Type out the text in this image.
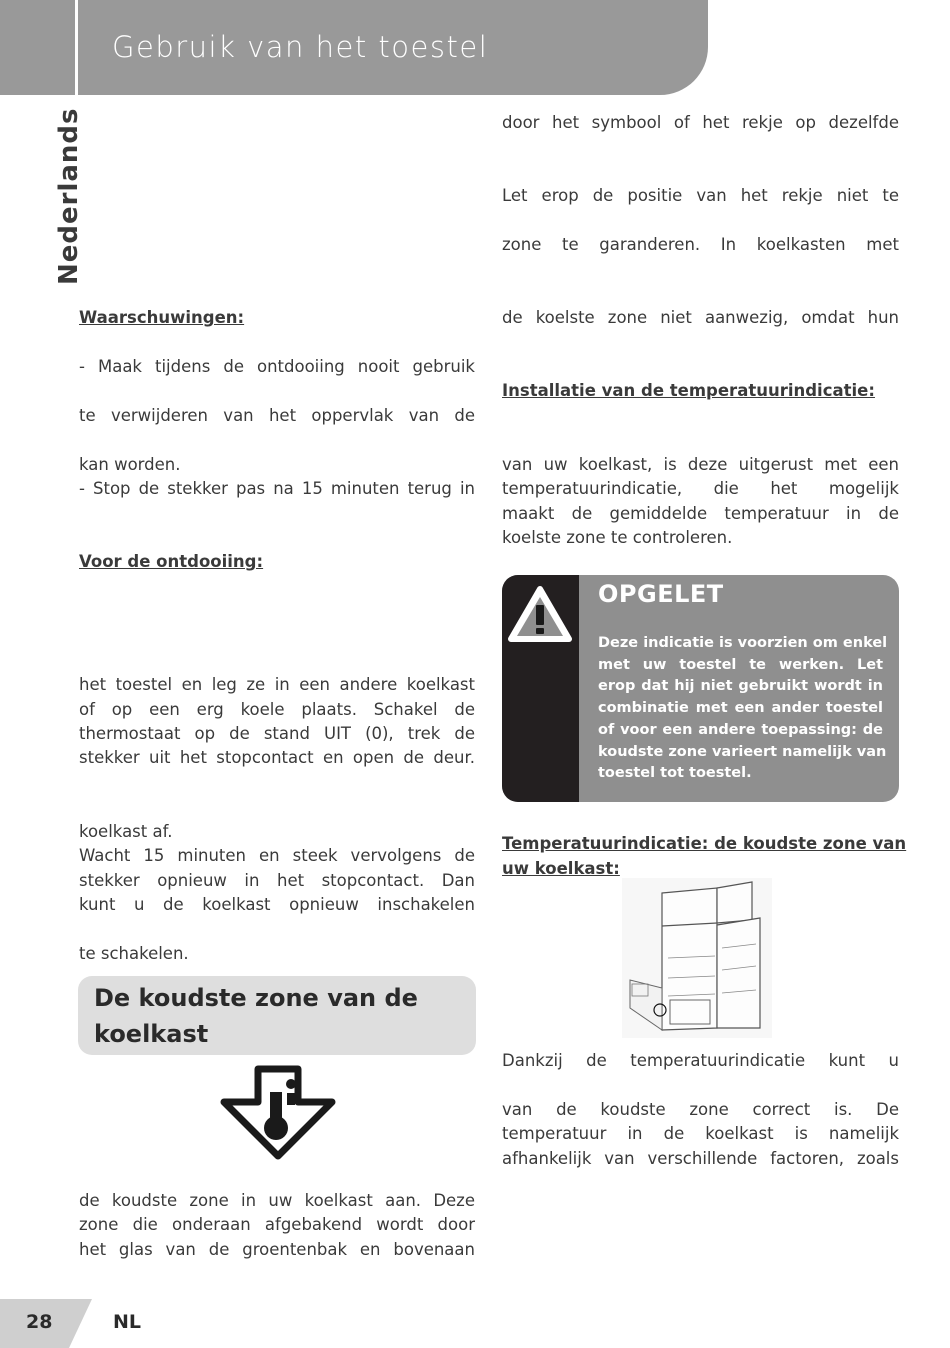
Gebruik van het toestel
Nederlands
Waarschuwingen:
- Maak tijdens de ontdooiing nooit gebruik
te verwijderen van het oppervlak van de
kan worden.
- Stop de stekker pas na 15 minuten terug in
Voor de ontdooiing:
het toestel en leg ze in een andere koelkast
of op een erg koele plaats. Schakel de
thermostaat op de stand UIT (0), trek de
stekker uit het stopcontact en open de deur.
koelkast af.
Wacht 15 minuten en steek vervolgens de
stekker opnieuw in het stopcontact. Dan
kunt u de koelkast opnieuw inschakelen
te schakelen.
De koudste zone van de
koelkast
de koudste zone in uw koelkast aan. Deze
zone die onderaan afgebakend wordt door
het glas van de groentenbak en bovenaan
door het symbool of het rekje op dezelfde
Let erop de positie van het rekje niet te
zone te garanderen. In koelkasten met
de koelste zone niet aanwezig, omdat hun
Installatie van de temperatuurindicatie:
van uw koelkast, is deze uitgerust met een
temperatuurindicatie, die het mogelijk
maakt de gemiddelde temperatuur in de
koelste zone te controleren.
OPGELET
Deze indicatie is voorzien om enkel
met uw toestel te werken. Let
erop dat hij niet gebruikt wordt in
combinatie met een ander toestel
of voor een andere toepassing: de
koudste zone varieert namelijk van
toestel tot toestel.
Temperatuurindicatie: de koudste zone van
uw koelkast:
Dankzij de temperatuurindicatie kunt u
van de koudste zone correct is. De
temperatuur in de koelkast is namelijk
afhankelijk van verschillende factoren, zoals
28	NL
